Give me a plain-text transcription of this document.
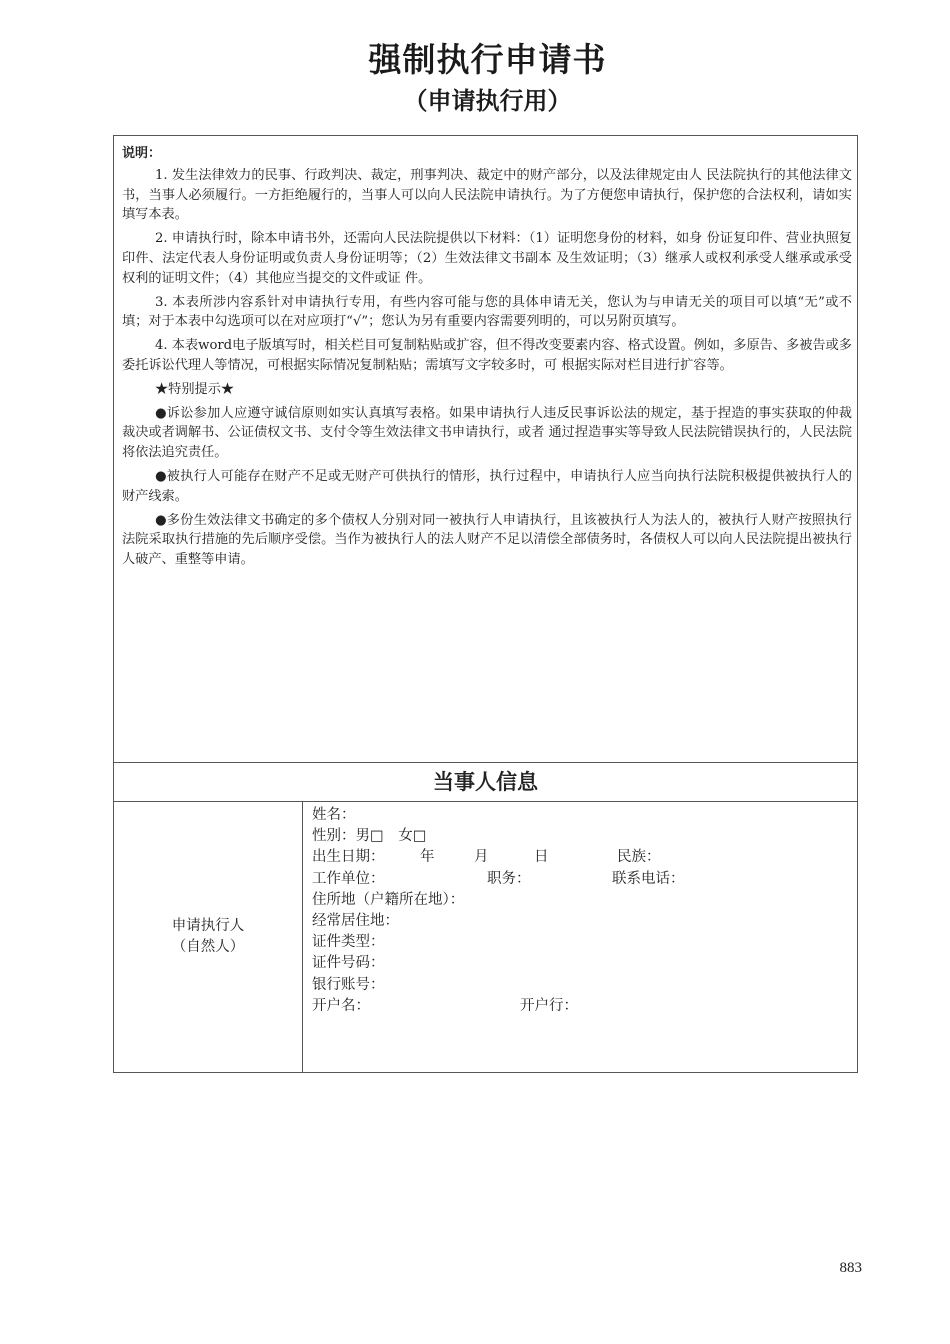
强制执行申请书
（申请执行用）
说明：

1. 发生法律效力的民事、行政判决、裁定，刑事判决、裁定中的财产部分，以及法律规定由人 民法院执行的其他法律文书，当事人必须履行。一方拒绝履行的，当事人可以向人民法院申请执行。为了方便您申请执行，保护您的合法权利，请如实填写本表。

2. 申请执行时，除本申请书外，还需向人民法院提供以下材料：（1）证明您身份的材料，如身 份证复印件、营业执照复印件、法定代表人身份证明或负责人身份证明等；（2）生效法律文书副本 及生效证明；（3）继承人或权利承受人继承或承受权利的证明文件；（4）其他应当提交的文件或证 件。

3. 本表所涉内容系针对申请执行专用，有些内容可能与您的具体申请无关，您认为与申请无关的项目可以填“无”或不填；对于本表中勾选项可以在对应项打“√”；您认为另有重要内容需要列明的，可以另附页填写。

4. 本表word电子版填写时，相关栏目可复制粘贴或扩容，但不得改变要素内容、格式设置。例如，多原告、多被告或多委托诉讼代理人等情况，可根据实际情况复制粘贴；需填写文字较多时，可 根据实际对栏目进行扩容等。

★特别提示★

●诉讼参加人应遵守诚信原则如实认真填写表格。如果申请执行人违反民事诉讼法的规定，基于捏造的事实获取的仲裁裁决或者调解书、公证债权文书、支付令等生效法律文书申请执行，或者 通过捏造事实等导致人民法院错误执行的，人民法院将依法追究责任。

●被执行人可能存在财产不足或无财产可供执行的情形，执行过程中，申请执行人应当向执行法院积极提供被执行人的财产线索。

●多份生效法律文书确定的多个债权人分别对同一被执行人申请执行，且该被执行人为法人的，被执行人财产按照执行法院采取执行措施的先后顺序受偿。当作为被执行人的法人财产不足以清偿全部债务时，各债权人可以向人民法院提出被执行人破产、重整等申请。

当事人信息
申请执行人
（自然人）
姓名：
性别：男□　女□
出生日期： 年	月	日	民族：
工作单位：	职务：	联系电话：
住所地（户籍所在地）：
经常居住地：
证件类型：
证件号码：
银行账号：
开户名：	开户行：
883
